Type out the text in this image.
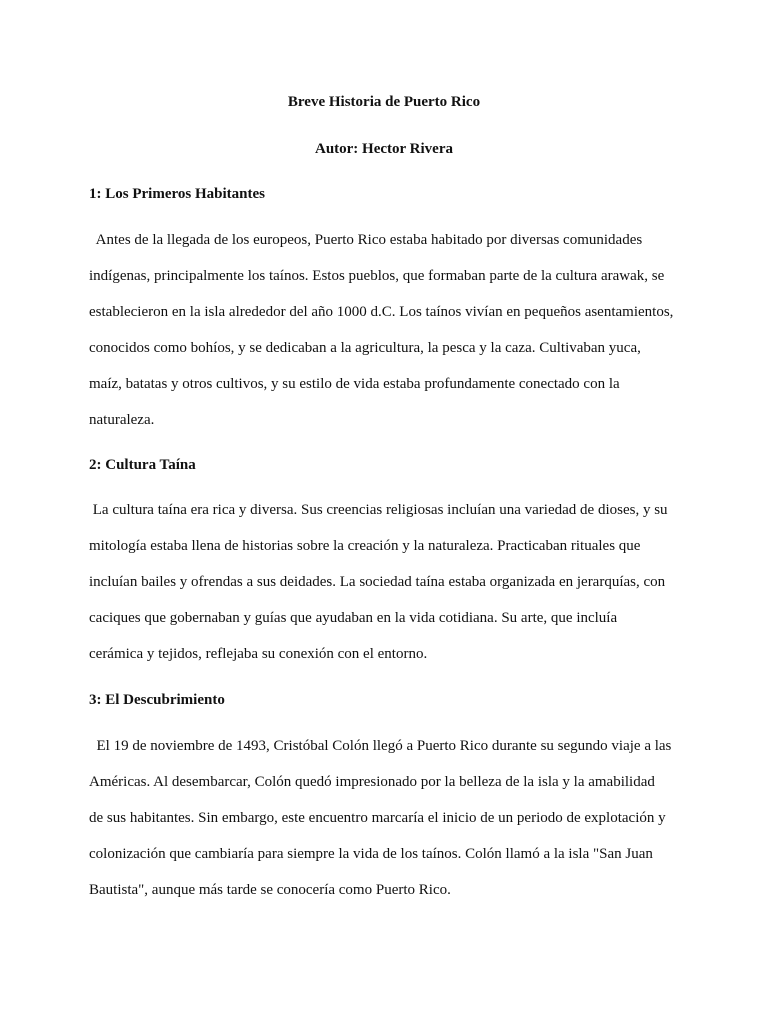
Breve Historia de Puerto Rico

Autor: Hector Rivera

1: Los Primeros Habitantes

Antes de la llegada de los europeos, Puerto Rico estaba habitado por diversas comunidades
indígenas, principalmente los taínos. Estos pueblos, que formaban parte de la cultura arawak, se
establecieron en la isla alrededor del año 1000 d.C. Los taínos vivían en pequeños asentamientos,
conocidos como bohíos, y se dedicaban a la agricultura, la pesca y la caza. Cultivaban yuca,
maíz, batatas y otros cultivos, y su estilo de vida estaba profundamente conectado con la
naturaleza.

2: Cultura Taína

La cultura taína era rica y diversa. Sus creencias religiosas incluían una variedad de dioses, y su
mitología estaba llena de historias sobre la creación y la naturaleza. Practicaban rituales que
incluían bailes y ofrendas a sus deidades. La sociedad taína estaba organizada en jerarquías, con
caciques que gobernaban y guías que ayudaban en la vida cotidiana. Su arte, que incluía
cerámica y tejidos, reflejaba su conexión con el entorno.

3: El Descubrimiento

El 19 de noviembre de 1493, Cristóbal Colón llegó a Puerto Rico durante su segundo viaje a las
Américas. Al desembarcar, Colón quedó impresionado por la belleza de la isla y la amabilidad
de sus habitantes. Sin embargo, este encuentro marcaría el inicio de un periodo de explotación y
colonización que cambiaría para siempre la vida de los taínos. Colón llamó a la isla "San Juan
Bautista", aunque más tarde se conocería como Puerto Rico.
